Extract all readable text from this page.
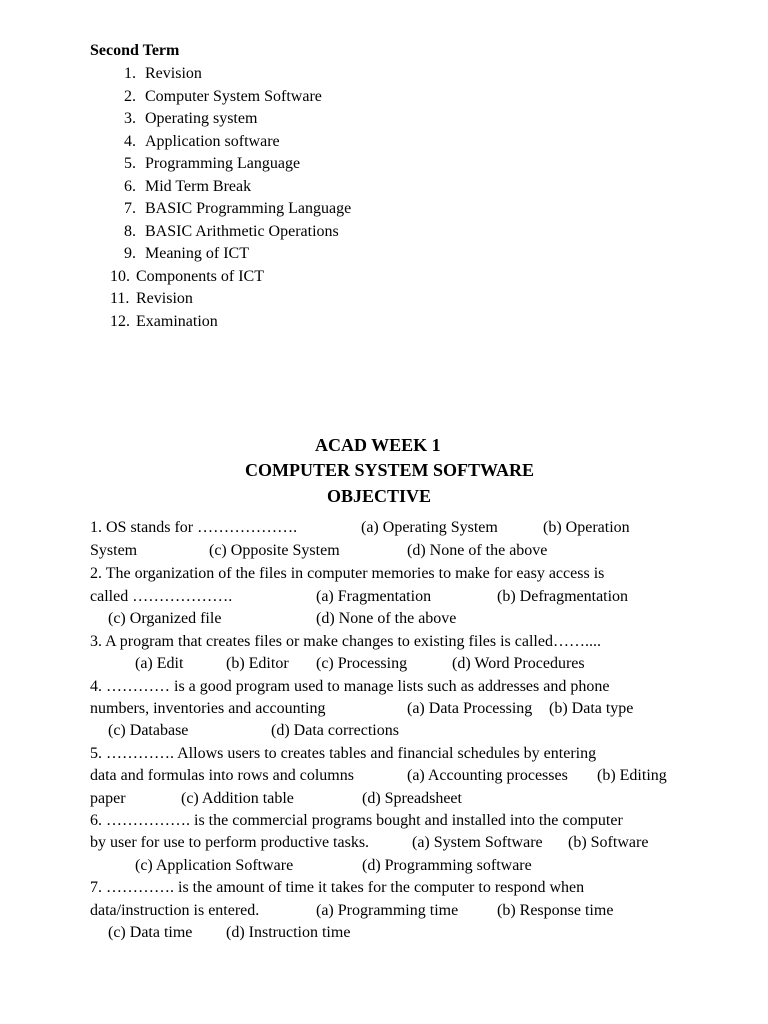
Second Term
1. Revision
2. Computer System Software
3. Operating system
4. Application software
5. Programming Language
6. Mid Term Break
7. BASIC Programming Language
8. BASIC Arithmetic Operations
9. Meaning of ICT
10. Components of ICT
11. Revision
12. Examination
ACAD WEEK 1
COMPUTER SYSTEM SOFTWARE
OBJECTIVE
1. OS stands for ……………….	(a) Operating System	(b) Operation
System	(c) Opposite System	(d) None of the above
2. The organization of the files in computer memories to make for easy access is
called ……………….	(a) Fragmentation	(b) Defragmentation
(c) Organized file	(d) None of the above
3. A program that creates files or make changes to existing files is called……....
(a) Edit	(b) Editor (c) Processing	(d) Word Procedures
4. ………… is a good program used to manage lists such as addresses and phone
numbers, inventories and accounting	(a) Data Processing (b) Data type
(c) Database	(d) Data corrections
5. …………. Allows users to creates tables and financial schedules by entering
data and formulas into rows and columns	(a) Accounting processes (b) Editing
paper	(c) Addition table	(d) Spreadsheet
6. ……………. is the commercial programs bought and installed into the computer
by user for use to perform productive tasks.	(a) System Software (b) Software
(c) Application Software	(d) Programming software
7. …………. is the amount of time it takes for the computer to respond when
data/instruction is entered.	(a) Programming time (b) Response time
(c) Data time (d) Instruction time
